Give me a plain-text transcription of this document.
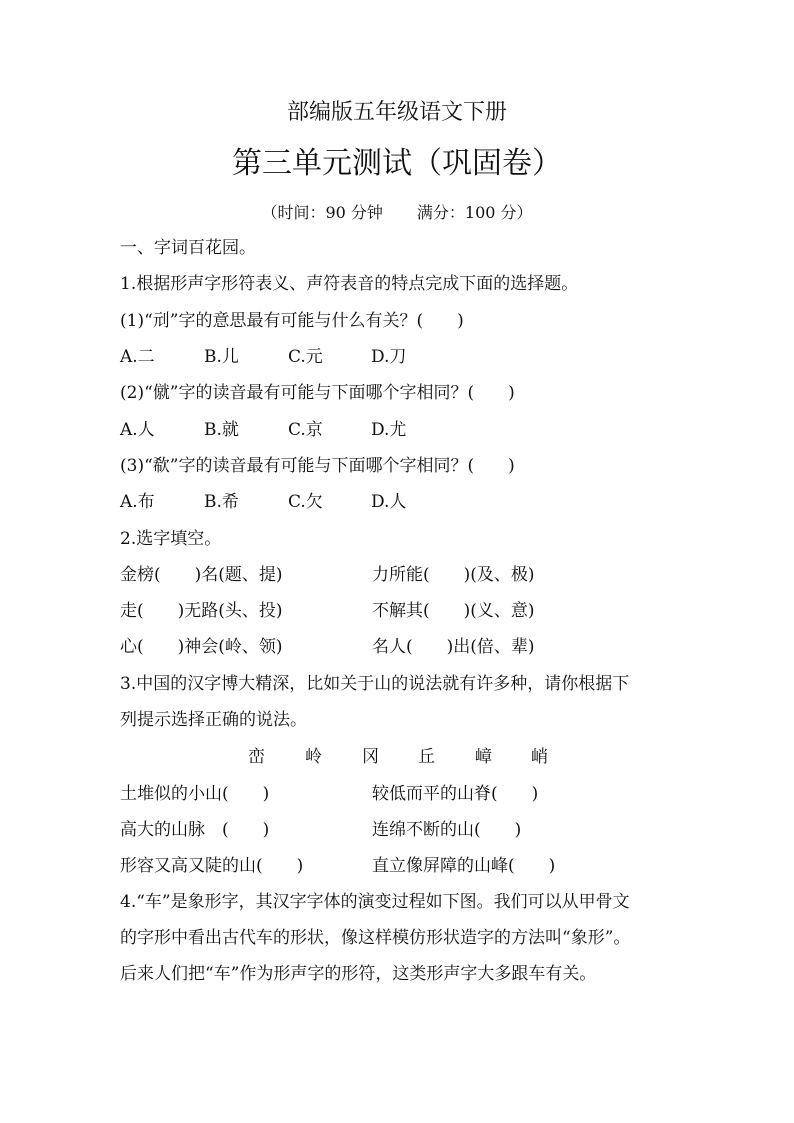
部编版五年级语文下册
第三单元测试（巩固卷）
（时间：90 分钟 满分：100 分）
一、字词百花园。
1.根据形声字形符表义、声符表音的特点完成下面的选择题。
(1)“刓”字的意思最有可能与什么有关？(　　)
A.二	B.儿	C.元	D.刀
(2)“僦”字的读音最有可能与下面哪个字相同？(　　)
A.人	B.就	C.京	D.尤
(3)“欷”字的读音最有可能与下面哪个字相同？(　　)
A.布	B.希	C.欠	D.人
2.选字填空。
金榜(　　)名(题、提)	力所能(　　)(及、极)
走(　　)无路(头、投)	不解其(　　)(义、意)
心(　　)神会(岭、领)	名人(　　)出(倍、辈)
3.中国的汉字博大精深，比如关于山的说法就有许多种，请你根据下
列提示选择正确的说法。
峦 岭 冈 丘 嶂 峭
土堆似的小山(　　)	较低而平的山脊(　　)
高大的山脉　(　　)	连绵不断的山(　　)
形容又高又陡的山(　　)	直立像屏障的山峰(　　)
4.“车”是象形字，其汉字字体的演变过程如下图。我们可以从甲骨文
的字形中看出古代车的形状，像这样模仿形状造字的方法叫“象形”。
后来人们把“车”作为形声字的形符，这类形声字大多跟车有关。
